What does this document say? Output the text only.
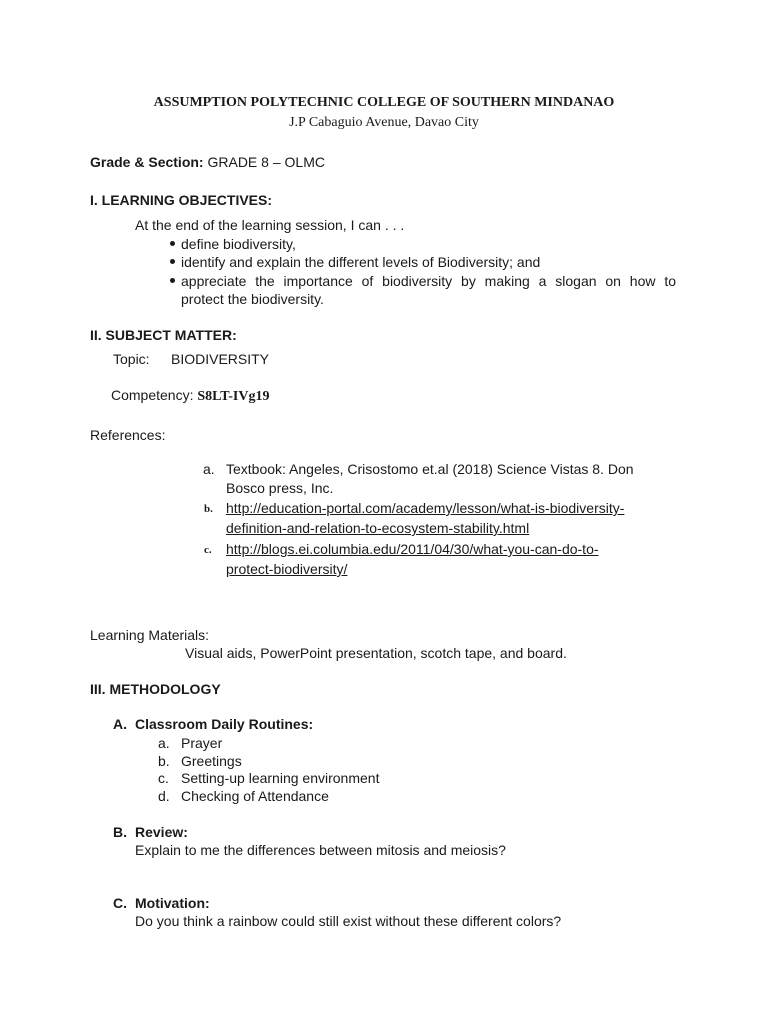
ASSUMPTION POLYTECHNIC COLLEGE OF SOUTHERN MINDANAO
J.P Cabaguio Avenue, Davao City
Grade & Section: GRADE 8 – OLMC
I. LEARNING OBJECTIVES:
At the end of the learning session, I can . . .
define biodiversity,
identify and explain the different levels of Biodiversity; and
appreciate the importance of biodiversity by making a slogan on how to
protect the biodiversity.
II. SUBJECT MATTER:
Topic: BIODIVERSITY
Competency: S8LT-IVg19
References:
a. Textbook: Angeles, Crisostomo et.al (2018) Science Vistas 8. Don
Bosco press, Inc.
b. http://education-portal.com/academy/lesson/what-is-biodiversity-
definition-and-relation-to-ecosystem-stability.html
c. http://blogs.ei.columbia.edu/2011/04/30/what-you-can-do-to-
protect-biodiversity/
Learning Materials:
Visual aids, PowerPoint presentation, scotch tape, and board.
III. METHODOLOGY
A. Classroom Daily Routines:
a. Prayer
b. Greetings
c. Setting-up learning environment
d. Checking of Attendance
B. Review:
Explain to me the differences between mitosis and meiosis?
C. Motivation:
Do you think a rainbow could still exist without these different colors?
